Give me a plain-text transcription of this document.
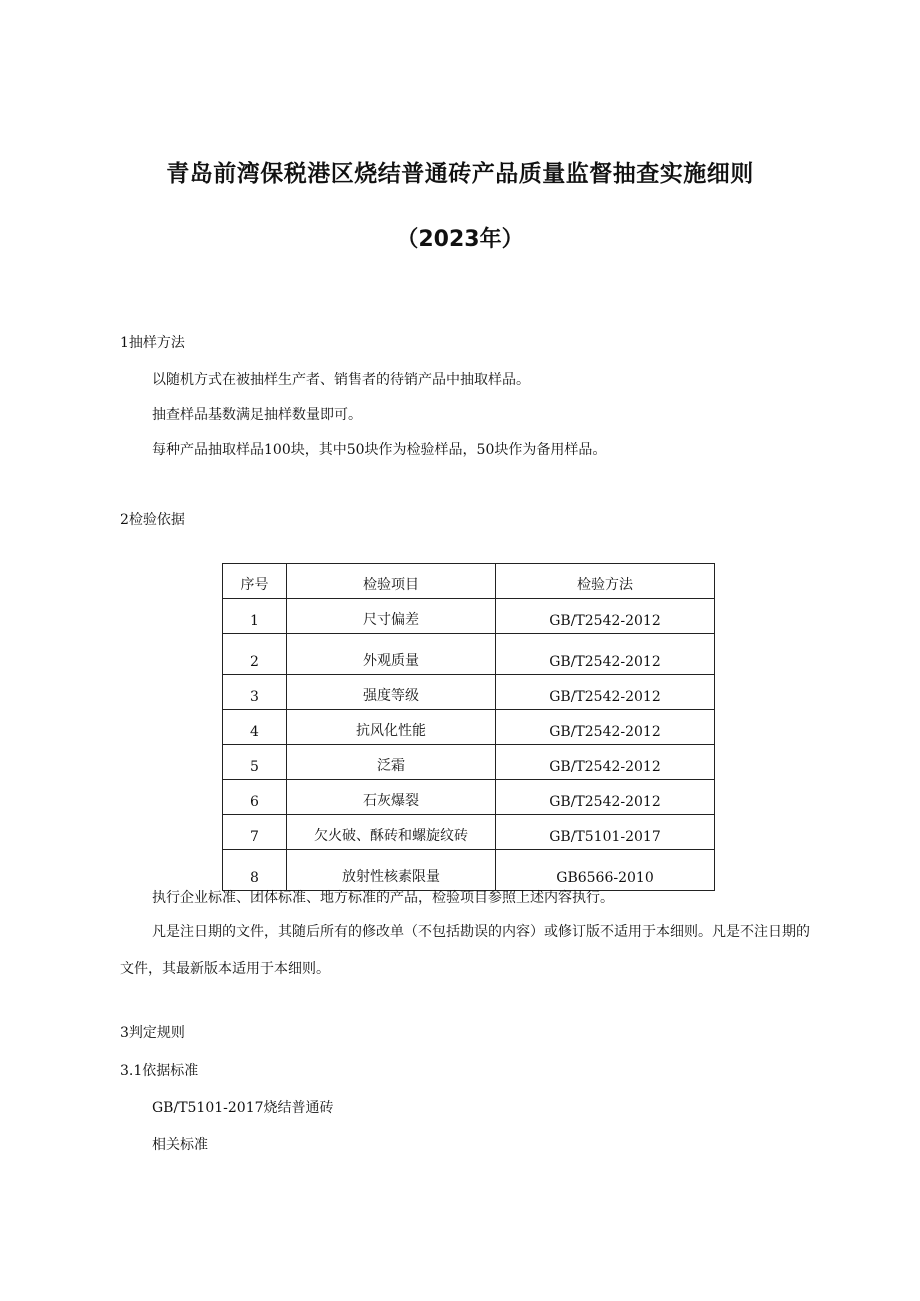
青岛前湾保税港区烧结普通砖产品质量监督抽查实施细则
（2023年）
1抽样方法
以随机方式在被抽样生产者、销售者的待销产品中抽取样品。
抽查样品基数满足抽样数量即可。
每种产品抽取样品100块，其中50块作为检验样品，50块作为备用样品。
2检验依据
序号	检验项目	检验方法
1	尺寸偏差	GB/T2542-2012
2	外观质量	GB/T2542-2012
3	强度等级	GB/T2542-2012
4	抗风化性能	GB/T2542-2012
5	泛霜	GB/T2542-2012
6	石灰爆裂	GB/T2542-2012
7	欠火破、酥砖和螺旋纹砖	GB/T5101-2017
8	放射性核素限量	GB6566-2010
执行企业标准、团体标准、地方标准的产品，检验项目参照上述内容执行。
凡是注日期的文件，其随后所有的修改单（不包括勘误的内容）或修订版不适用于本细则。凡是不注日期的文件，其最新版本适用于本细则。
3判定规则
3.1依据标准
GB/T5101-2017烧结普通砖
相关标准
